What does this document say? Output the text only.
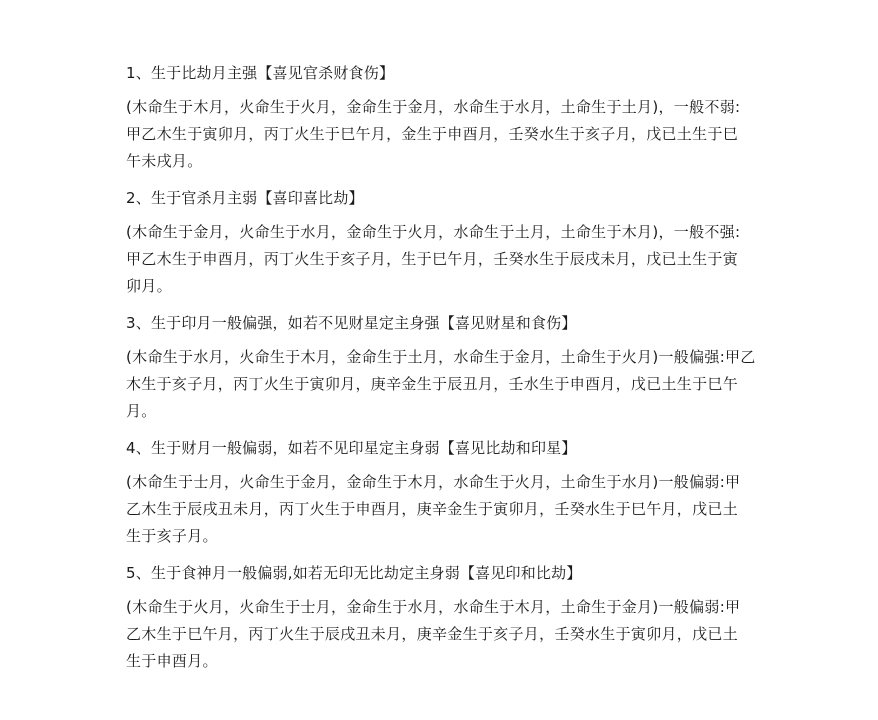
1、生于比劫月主强【喜见官杀财食伤】

(木命生于木月，火命生于火月，金命生于金月，水命生于水月，土命生于土月)，一般不弱:
甲乙木生于寅卯月，丙丁火生于巳午月，金生于申酉月，壬癸水生于亥子月，戊已土生于巳
午未戌月。

2、生于官杀月主弱【喜印喜比劫】

(木命生于金月，火命生于水月，金命生于火月，水命生于土月，土命生于木月)，一般不强:
甲乙木生于申酉月，丙丁火生于亥子月，生于巳午月，壬癸水生于辰戌未月，戊已土生于寅
卯月。

3、生于印月一般偏强，如若不见财星定主身强【喜见财星和食伤】

(木命生于水月，火命生于木月，金命生于土月，水命生于金月，土命生于火月)一般偏强:甲乙
木生于亥子月，丙丁火生于寅卯月，庚辛金生于辰丑月，壬水生于申酉月，戊已土生于巳午
月。

4、生于财月一般偏弱，如若不见印星定主身弱【喜见比劫和印星】

(木命生于士月，火命生于金月，金命生于木月，水命生于火月，土命生于水月)一般偏弱:甲
乙木生于辰戌丑未月，丙丁火生于申酉月，庚辛金生于寅卯月，壬癸水生于巳午月，戊已土
生于亥子月。

5、生于食神月一般偏弱,如若无印无比劫定主身弱【喜见印和比劫】

(木命生于火月，火命生于士月，金命生于水月，水命生于木月，土命生于金月)一般偏弱:甲
乙木生于巳午月，丙丁火生于辰戌丑未月，庚辛金生于亥子月，壬癸水生于寅卯月，戊已土
生于申酉月。
